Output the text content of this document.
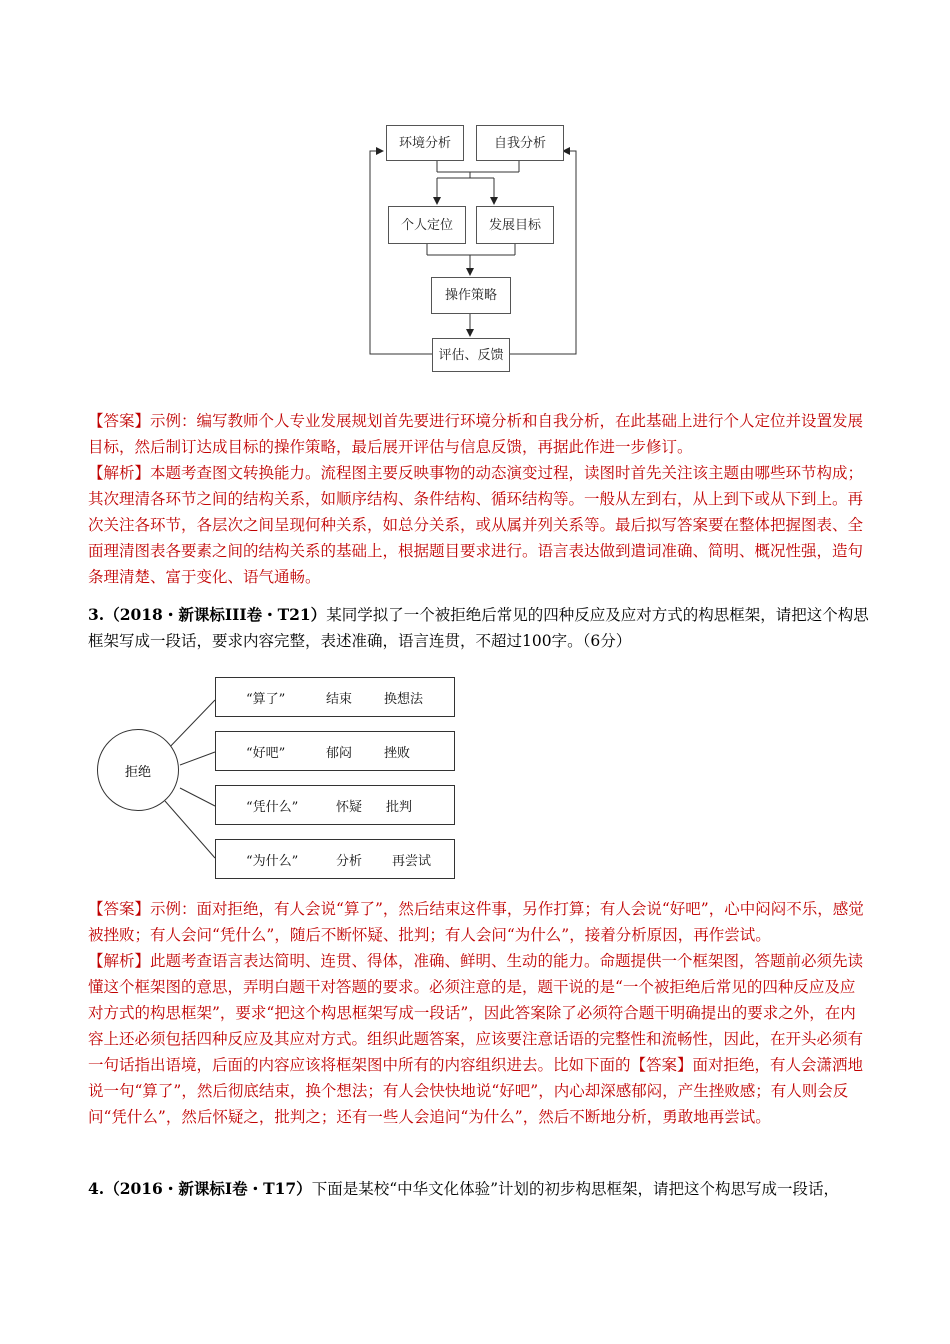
环境分析	自我分析
个人定位	发展目标
操作策略
评估、反馈
【答案】示例：编写教师个人专业发展规划首先要进行环境分析和自我分析，在此基础上进行个人定位并设置发展目标，然后制订达成目标的操作策略，最后展开评估与信息反馈，再据此作进一步修订。
【解析】本题考查图文转换能力。流程图主要反映事物的动态演变过程，读图时首先关注该主题由哪些环节构成；其次理清各环节之间的结构关系，如顺序结构、条件结构、循环结构等。一般从左到右，从上到下或从下到上。再次关注各环节，各层次之间呈现何种关系，如总分关系，或从属并列关系等。最后拟写答案要在整体把握图表、全面理清图表各要素之间的结构关系的基础上，根据题目要求进行。语言表达做到遣词准确、简明、概况性强，造句条理清楚、富于变化、语气通畅。
3.（2018・新课标III卷・T21）某同学拟了一个被拒绝后常见的四种反应及应对方式的构思框架，请把这个构思框架写成一段话，要求内容完整，表述准确，语言连贯，不超过100字。（6分）
拒绝
“算了”	结束	换想法
“好吧”	郁闷	挫败
“凭什么”	怀疑	批判
“为什么”	分析	再尝试
【答案】示例：面对拒绝，有人会说“算了”，然后结束这件事，另作打算；有人会说“好吧”，心中闷闷不乐，感觉被挫败；有人会问“凭什么”，随后不断怀疑、批判；有人会问“为什么”，接着分析原因，再作尝试。
【解析】此题考查语言表达简明、连贯、得体，准确、鲜明、生动的能力。命题提供一个框架图，答题前必须先读懂这个框架图的意思，弄明白题干对答题的要求。必须注意的是，题干说的是“一个被拒绝后常见的四种反应及应对方式的构思框架”，要求“把这个构思框架写成一段话”，因此答案除了必须符合题干明确提出的要求之外，在内容上还必须包括四种反应及其应对方式。组织此题答案，应该要注意话语的完整性和流畅性，因此，在开头必须有一句话指出语境，后面的内容应该将框架图中所有的内容组织进去。比如下面的【答案】面对拒绝，有人会潇洒地说一句“算了”，然后彻底结束，换个想法；有人会快快地说“好吧”，内心却深感郁闷，产生挫败感；有人则会反问“凭什么”，然后怀疑之，批判之；还有一些人会追问“为什么”，然后不断地分析，勇敢地再尝试。
4.（2016・新课标Ⅰ卷・T17）下面是某校“中华文化体验”计划的初步构思框架，请把这个构思写成一段话，
